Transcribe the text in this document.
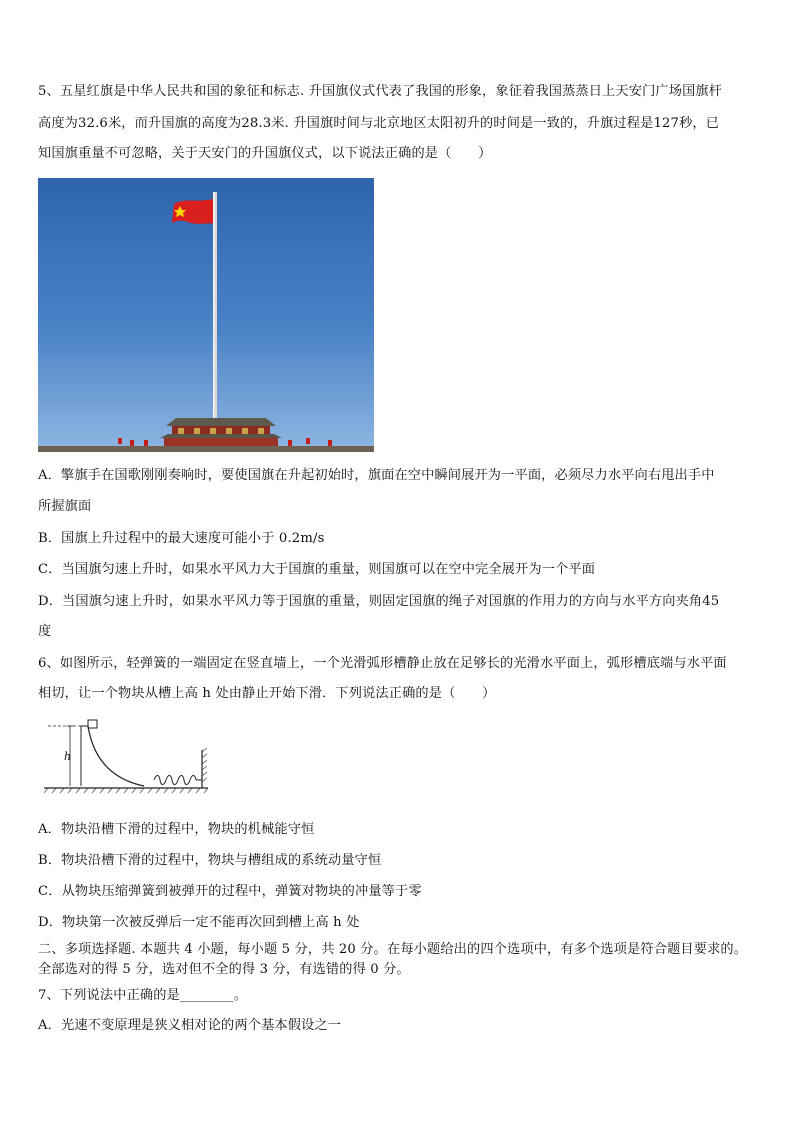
5、五星红旗是中华人民共和国的象征和标志. 升国旗仪式代表了我国的形象，象征着我国蒸蒸日上天安门广场国旗杆
高度为32.6米，而升国旗的高度为28.3米. 升国旗时间与北京地区太阳初升的时间是一致的，升旗过程是127秒，已
知国旗重量不可忽略，关于天安门的升国旗仪式，以下说法正确的是（　　）
A．擎旗手在国歌刚刚奏响时，要使国旗在升起初始时，旗面在空中瞬间展开为一平面，必须尽力水平向右甩出手中
所握旗面
B．国旗上升过程中的最大速度可能小于 0.2m/s
C．当国旗匀速上升时，如果水平风力大于国旗的重量，则国旗可以在空中完全展开为一个平面
D．当国旗匀速上升时，如果水平风力等于国旗的重量，则固定国旗的绳子对国旗的作用力的方向与水平方向夹角45
度
6、如图所示，轻弹簧的一端固定在竖直墙上，一个光滑弧形槽静止放在足够长的光滑水平面上，弧形槽底端与水平面
相切，让一个物块从槽上高 h 处由静止开始下滑．下列说法正确的是（　　）
h
A．物块沿槽下滑的过程中，物块的机械能守恒
B．物块沿槽下滑的过程中，物块与槽组成的系统动量守恒
C．从物块压缩弹簧到被弹开的过程中，弹簧对物块的冲量等于零
D．物块第一次被反弹后一定不能再次回到槽上高 h 处
二、多项选择题. 本题共 4 小题，每小题 5 分，共 20 分。在每小题给出的四个选项中，有多个选项是符合题目要求的。
全部选对的得 5 分，选对但不全的得 3 分，有选错的得 0 分。
7、下列说法中正确的是________。
A．光速不变原理是狭义相对论的两个基本假设之一
